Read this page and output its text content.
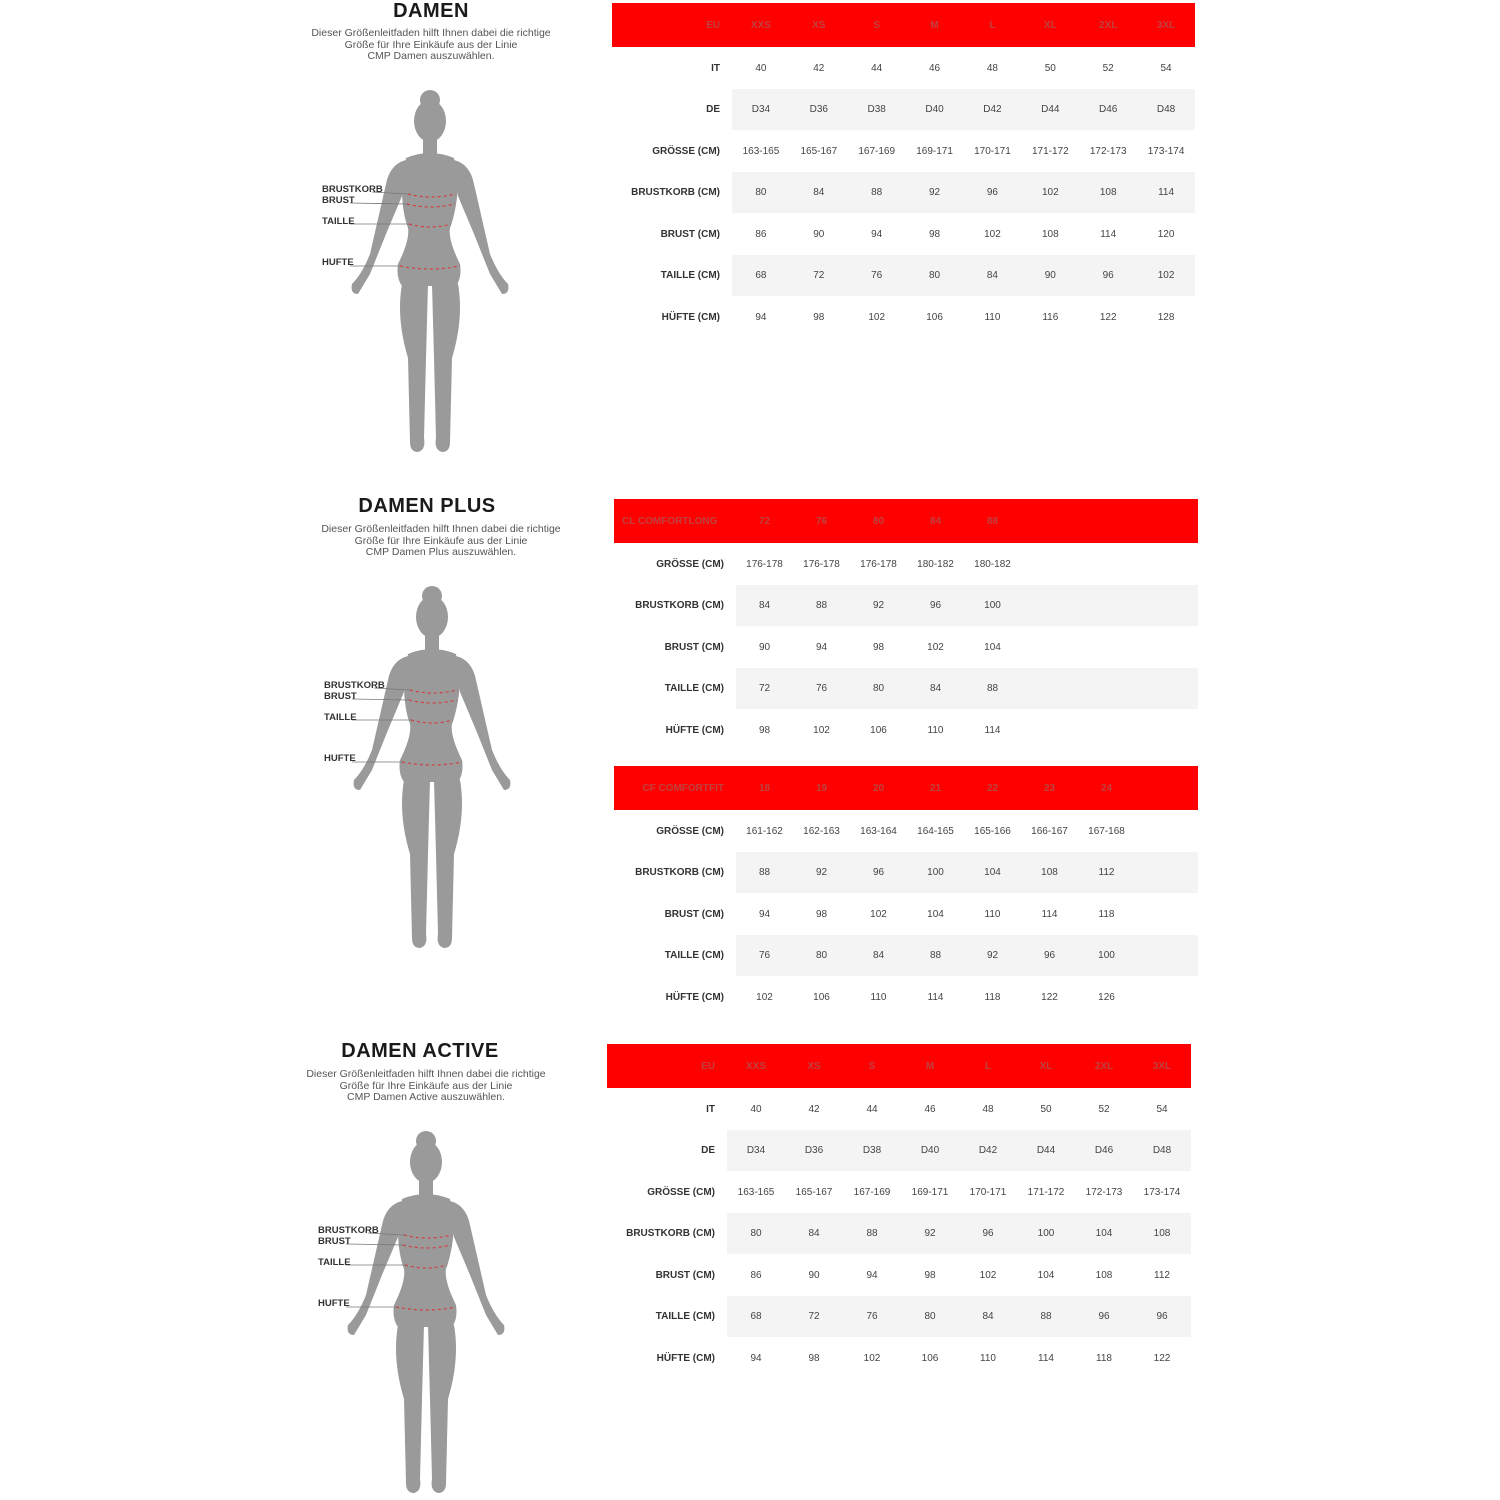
DAMEN

Dieser Größenleitfaden hilft Ihnen dabei die richtige
Größe für Ihre Einkäufe aus der Linie
CMP Damen auszuwählen.

BRUSTKORB
BRUST
TAILLE
HUFTE
EU	XXS	XS	S	M	L	XL	2XL	3XL
IT	40	42	44	46	48	50	52	54
DE	D34	D36	D38	D40	D42	D44	D46	D48
GRÖSSE (CM)	163-165	165-167	167-169	169-171	170-171	171-172	172-173	173-174
BRUSTKORB (CM)	80	84	88	92	96	102	108	114
BRUST (CM)	86	90	94	98	102	108	114	120
TAILLE (CM)	68	72	76	80	84	90	96	102
HÜFTE (CM)	94	98	102	106	110	116	122	128
DAMEN PLUS

Dieser Größenleitfaden hilft Ihnen dabei die richtige
Größe für Ihre Einkäufe aus der Linie
CMP Damen Plus auszuwählen.

BRUSTKORB
BRUST
TAILLE
HUFTE
CL COMFORTLONG	72	76	80	84	88	
GRÖSSE (CM)	176-178	176-178	176-178	180-182	180-182	
BRUSTKORB (CM)	84	88	92	96	100	
BRUST (CM)	90	94	98	102	104	
TAILLE (CM)	72	76	80	84	88	
HÜFTE (CM)	98	102	106	110	114	
CF COMFORTFIT	18	19	20	21	22	23	24	
GRÖSSE (CM)	161-162	162-163	163-164	164-165	165-166	166-167	167-168	
BRUSTKORB (CM)	88	92	96	100	104	108	112	
BRUST (CM)	94	98	102	104	110	114	118	
TAILLE (CM)	76	80	84	88	92	96	100	
HÜFTE (CM)	102	106	110	114	118	122	126	
DAMEN ACTIVE

Dieser Größenleitfaden hilft Ihnen dabei die richtige
Größe für Ihre Einkäufe aus der Linie
CMP Damen Active auszuwählen.

BRUSTKORB
BRUST
TAILLE
HUFTE
EU	XXS	XS	S	M	L	XL	2XL	3XL
IT	40	42	44	46	48	50	52	54
DE	D34	D36	D38	D40	D42	D44	D46	D48
GRÖSSE (CM)	163-165	165-167	167-169	169-171	170-171	171-172	172-173	173-174
BRUSTKORB (CM)	80	84	88	92	96	100	104	108
BRUST (CM)	86	90	94	98	102	104	108	112
TAILLE (CM)	68	72	76	80	84	88	96	96
HÜFTE (CM)	94	98	102	106	110	114	118	122
